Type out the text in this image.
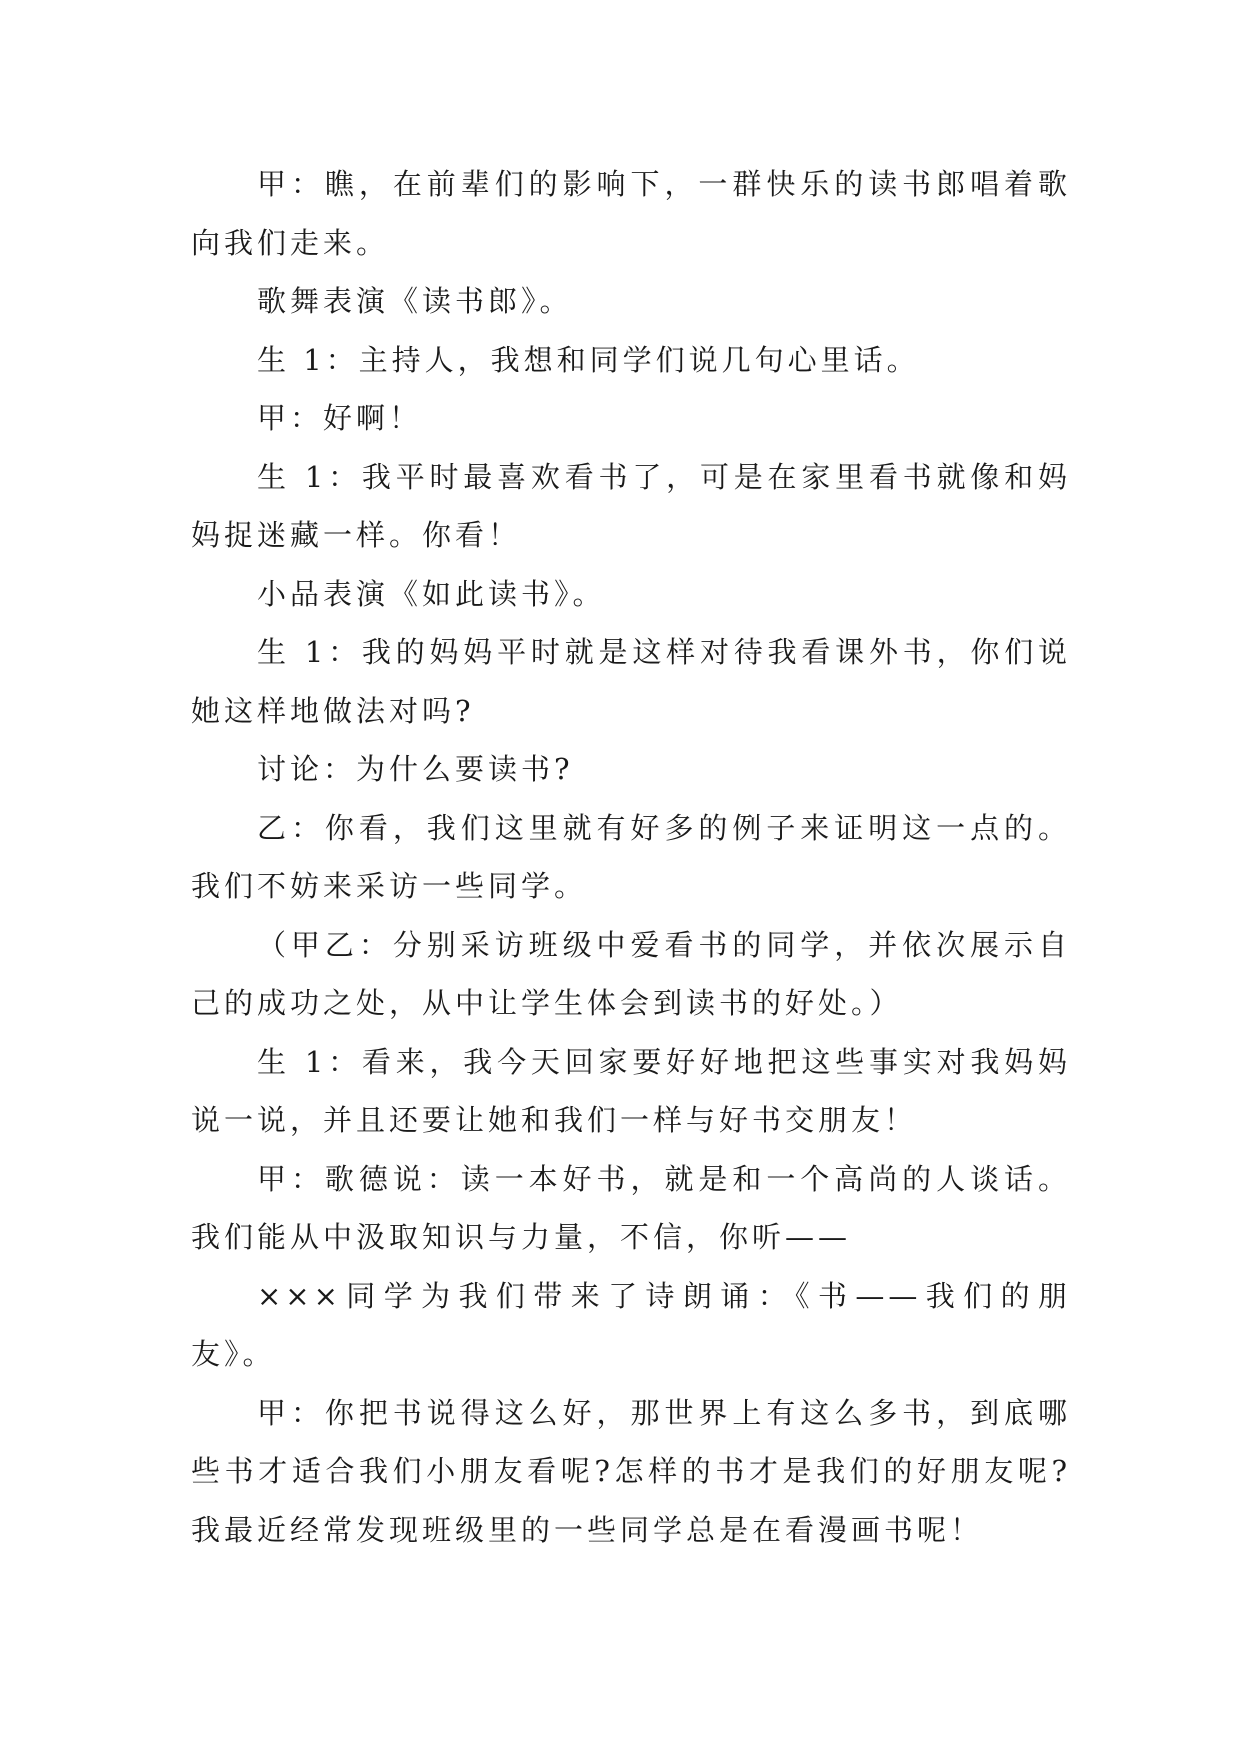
甲：瞧，在前辈们的影响下，一群快乐的读书郎唱着歌向我们走来。

歌舞表演《读书郎》。

生 1：主持人，我想和同学们说几句心里话。

甲：好啊！

生 1：我平时最喜欢看书了，可是在家里看书就像和妈妈捉迷藏一样。你看！

小品表演《如此读书》。

生 1：我的妈妈平时就是这样对待我看课外书，你们说她这样地做法对吗?

讨论：为什么要读书?

乙：你看，我们这里就有好多的例子来证明这一点的。我们不妨来采访一些同学。

（甲乙：分别采访班级中爱看书的同学，并依次展示自己的成功之处，从中让学生体会到读书的好处。）

生 1：看来，我今天回家要好好地把这些事实对我妈妈说一说，并且还要让她和我们一样与好书交朋友！

甲：歌德说：读一本好书，就是和一个高尚的人谈话。我们能从中汲取知识与力量，不信，你听——

×××同学为我们带来了诗朗诵：《书——我们的朋友》。

甲：你把书说得这么好，那世界上有这么多书，到底哪些书才适合我们小朋友看呢?怎样的书才是我们的好朋友呢?我最近经常发现班级里的一些同学总是在看漫画书呢！
